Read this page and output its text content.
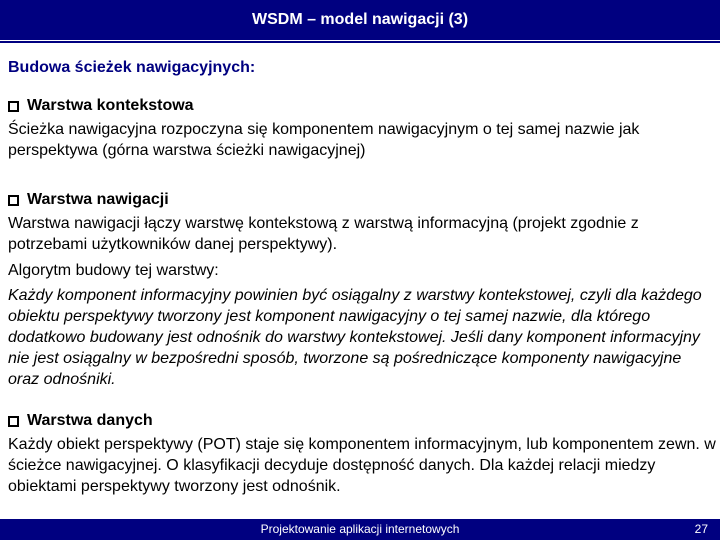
WSDM – model nawigacji (3)
Budowa ścieżek nawigacyjnych:
Warstwa kontekstowa

Ścieżka nawigacyjna rozpoczyna się komponentem nawigacyjnym o tej samej nazwie jak perspektywa (górna warstwa ścieżki nawigacyjnej)

Warstwa nawigacji

Warstwa nawigacji łączy warstwę kontekstową z warstwą informacyjną (projekt zgodnie z potrzebami użytkowników danej perspektywy).

Algorytm budowy tej warstwy:

Każdy komponent informacyjny powinien być osiągalny z warstwy kontekstowej, czyli dla każdego obiektu perspektywy tworzony jest komponent nawigacyjny o tej samej nazwie, dla którego dodatkowo budowany jest odnośnik do warstwy kontekstowej. Jeśli dany komponent informacyjny nie jest osiągalny w bezpośredni sposób, tworzone są pośredniczące komponenty nawigacyjne oraz odnośniki.

Warstwa danych

Każdy obiekt perspektywy (POT) staje się komponentem informacyjnym, lub komponentem zewn. w ścieżce nawigacyjnej. O klasyfikacji decyduje dostępność danych. Dla każdej relacji miedzy obiektami perspektywy tworzony jest odnośnik.

Projektowanie aplikacji internetowych	27
